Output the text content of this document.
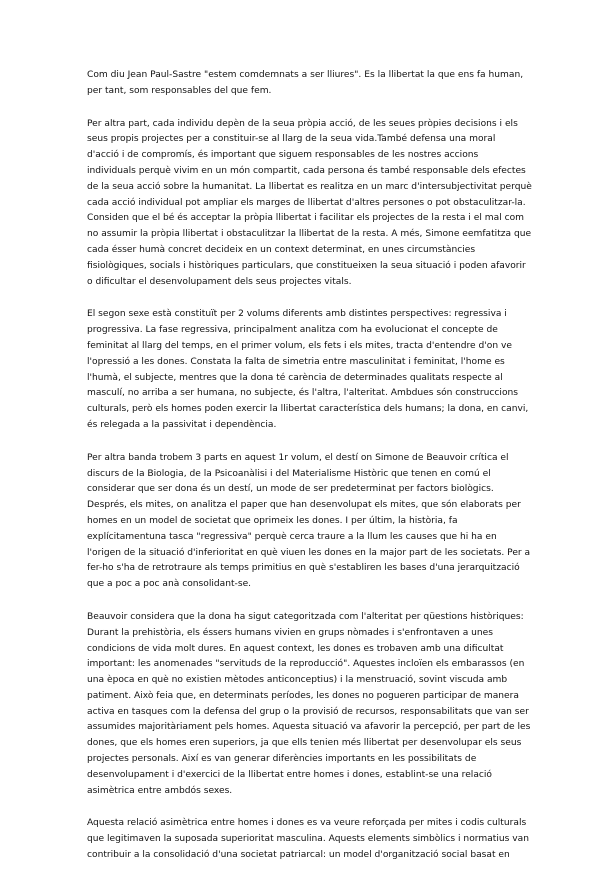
Com diu Jean Paul-Sastre "estem comdemnats a ser lliures". Es la llibertat la que ens fa human,
per tant, som responsables del que fem.
Per altra part, cada individu depèn de la seua pròpia acció, de les seues pròpies decisions i els
seus propis projectes per a constituir-se al llarg de la seua vida.També defensa una moral
d'acció i de compromís, és important que siguem responsables de les nostres accions
individuals perquè vivim en un món compartit, cada persona és també responsable dels efectes
de la seua acció sobre la humanitat. La llibertat es realitza en un marc d'intersubjectivitat perquè
cada acció individual pot ampliar els marges de llibertat d'altres persones o pot obstaculitzar-la.
Considen que el bé és acceptar la pròpia llibertat i facilitar els projectes de la resta i el mal com
no assumir la pròpia llibertat i obstaculitzar la llibertat de la resta. A més, Simone eemfatitza que
cada ésser humà concret decideix en un context determinat, en unes circumstàncies
fisiològiques, socials i històriques particulars, que constitueixen la seua situació i poden afavorir
o dificultar el desenvolupament dels seus projectes vitals.
El segon sexe està constituït per 2 volums diferents amb distintes perspectives: regressiva i
progressiva. La fase regressiva, principalment analitza com ha evolucionat el concepte de
feminitat al llarg del temps, en el primer volum, els fets i els mites, tracta d'entendre d'on ve
l'opressió a les dones. Constata la falta de simetria entre masculinitat i feminitat, l'home es
l'humà, el subjecte, mentres que la dona té carència de determinades qualitats respecte al
masculí, no arriba a ser humana, no subjecte, és l'altra, l'alteritat. Ambdues són construccions
culturals, però els homes poden exercir la llibertat característica dels humans; la dona, en canvi,
és relegada a la passivitat i dependència.
Per altra banda trobem 3 parts en aquest 1r volum, el destí on Simone de Beauvoir crítica el
discurs de la Biologia, de la Psicoanàlisi i del Materialisme Històric que tenen en comú el
considerar que ser dona és un destí, un mode de ser predeterminat per factors biològics.
Després, els mites, on analitza el paper que han desenvolupat els mites, que són elaborats per
homes en un model de societat que oprimeix les dones. I per últim, la història, fa
explícitamentuna tasca "regressiva" perquè cerca traure a la llum les causes que hi ha en
l'origen de la situació d'inferioritat en què viuen les dones en la major part de les societats. Per a
fer-ho s'ha de retrotraure als temps primitius en què s'establiren les bases d'una jerarquització
que a poc a poc anà consolidant-se.
Beauvoir considera que la dona ha sigut categoritzada com l'alteritat per qüestions històriques:
Durant la prehistòria, els éssers humans vivien en grups nòmades i s'enfrontaven a unes
condicions de vida molt dures. En aquest context, les dones es trobaven amb una dificultat
important: les anomenades "servituds de la reproducció". Aquestes incloïen els embarassos (en
una època en què no existien mètodes anticonceptius) i la menstruació, sovint viscuda amb
patiment. Això feia que, en determinats períodes, les dones no pogueren participar de manera
activa en tasques com la defensa del grup o la provisió de recursos, responsabilitats que van ser
assumides majoritàriament pels homes. Aquesta situació va afavorir la percepció, per part de les
dones, que els homes eren superiors, ja que ells tenien més llibertat per desenvolupar els seus
projectes personals. Així es van generar diferències importants en les possibilitats de
desenvolupament i d'exercici de la llibertat entre homes i dones, establint-se una relació
asimètrica entre ambdós sexes.
Aquesta relació asimètrica entre homes i dones es va veure reforçada per mites i codis culturals
que legitimaven la suposada superioritat masculina. Aquests elements simbòlics i normatius van
contribuir a la consolidació d'una societat patriarcal: un model d'organització social basat en
